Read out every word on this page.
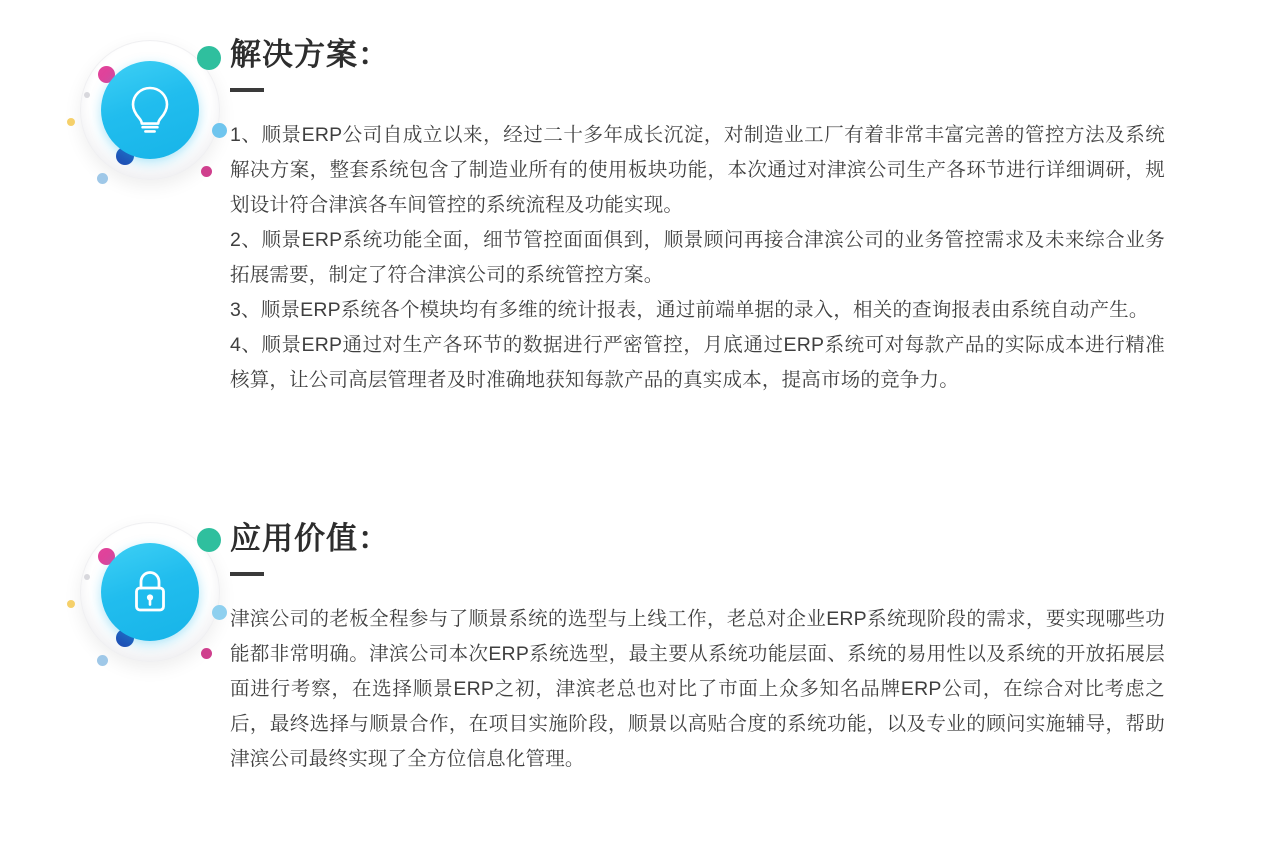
解决方案：

1、顺景ERP公司自成立以来，经过二十多年成长沉淀，对制造业工厂有着非常丰富完善的管控方法及系统解决方案，整套系统包含了制造业所有的使用板块功能，本次通过对津滨公司生产各环节进行详细调研，规划设计符合津滨各车间管控的系统流程及功能实现。

2、顺景ERP系统功能全面，细节管控面面俱到，顺景顾问再接合津滨公司的业务管控需求及未来综合业务拓展需要，制定了符合津滨公司的系统管控方案。

3、顺景ERP系统各个模块均有多维的统计报表，通过前端单据的录入，相关的查询报表由系统自动产生。

4、顺景ERP通过对生产各环节的数据进行严密管控，月底通过ERP系统可对每款产品的实际成本进行精准核算，让公司高层管理者及时准确地获知每款产品的真实成本，提高市场的竞争力。

应用价值：

津滨公司的老板全程参与了顺景系统的选型与上线工作，老总对企业ERP系统现阶段的需求，要实现哪些功能都非常明确。津滨公司本次ERP系统选型，最主要从系统功能层面、系统的易用性以及系统的开放拓展层面进行考察，在选择顺景ERP之初，津滨老总也对比了市面上众多知名品牌ERP公司，在综合对比考虑之后，最终选择与顺景合作，在项目实施阶段，顺景以高贴合度的系统功能，以及专业的顾问实施辅导，帮助津滨公司最终实现了全方位信息化管理。
